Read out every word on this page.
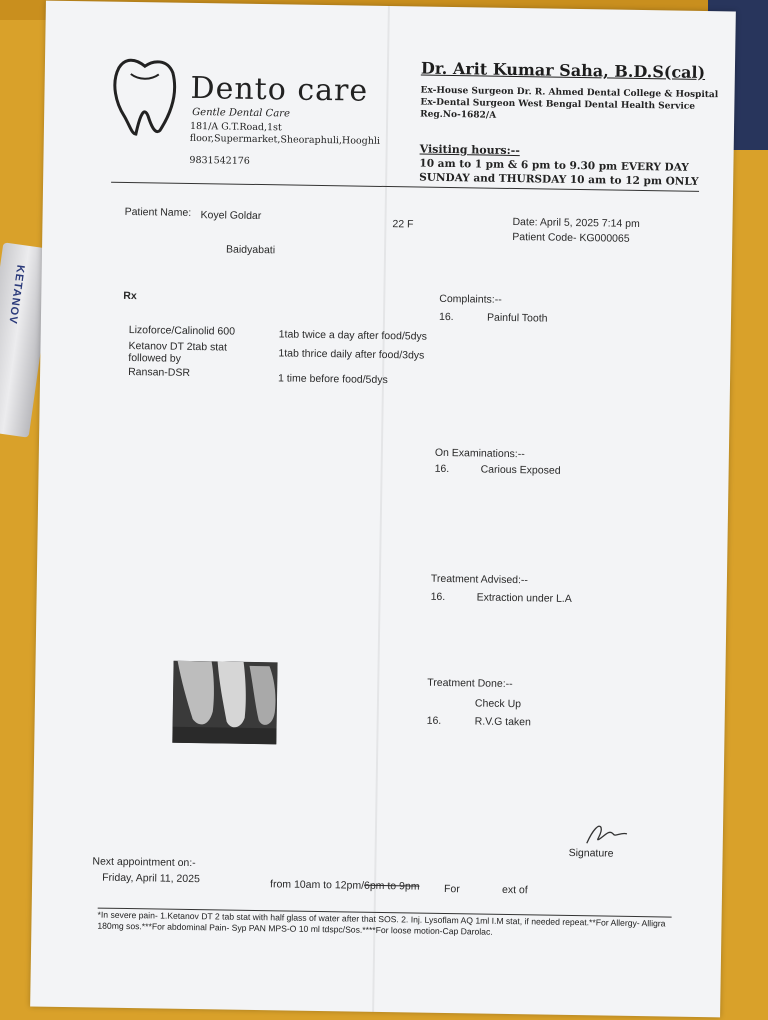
KETANOV
Dento care
Gentle Dental Care
181/A G.T.Road,1st floor,Supermarket,Sheoraphuli,Hooghli
9831542176
Dr. Arit Kumar Saha, B.D.S(cal)
Ex-House Surgeon Dr. R. Ahmed Dental College & Hospital
Ex-Dental Surgeon West Bengal Dental Health Service
Reg.No-1682/A
Visiting hours:--
10 am to 1 pm & 6 pm to 9.30 pm EVERY DAY
SUNDAY and THURSDAY 10 am to 12 pm ONLY
Patient Name: Koyel Goldar
22 F
Baidyabati
Date: April 5, 2025 7:14 pm
Patient Code- KG000065
Rx
Lizoforce/Calinolid 600	1tab twice a day after food/5dys
Ketanov DT 2tab stat followed by	1tab thrice daily after food/3dys
Ransan-DSR	1 time before food/5dys
Complaints:--
16.	Painful Tooth
On Examinations:--
16.	Carious Exposed
Treatment Advised:--
16.	Extraction under L.A
Treatment Done:--
Check Up
16.	R.V.G taken
Signature
Next appointment on:-
Friday, April 11, 2025	from 10am to 12pm/6pm to 9pm For	ext of
*In severe pain- 1.Ketanov DT 2 tab stat with half glass of water after that SOS. 2. Inj. Lysoflam AQ 1ml I.M stat, if needed repeat.**For Allergy- Alligra 180mg sos.***For abdominal Pain- Syp PAN MPS-O 10 ml tdspc/Sos.****For loose motion-Cap Darolac.
